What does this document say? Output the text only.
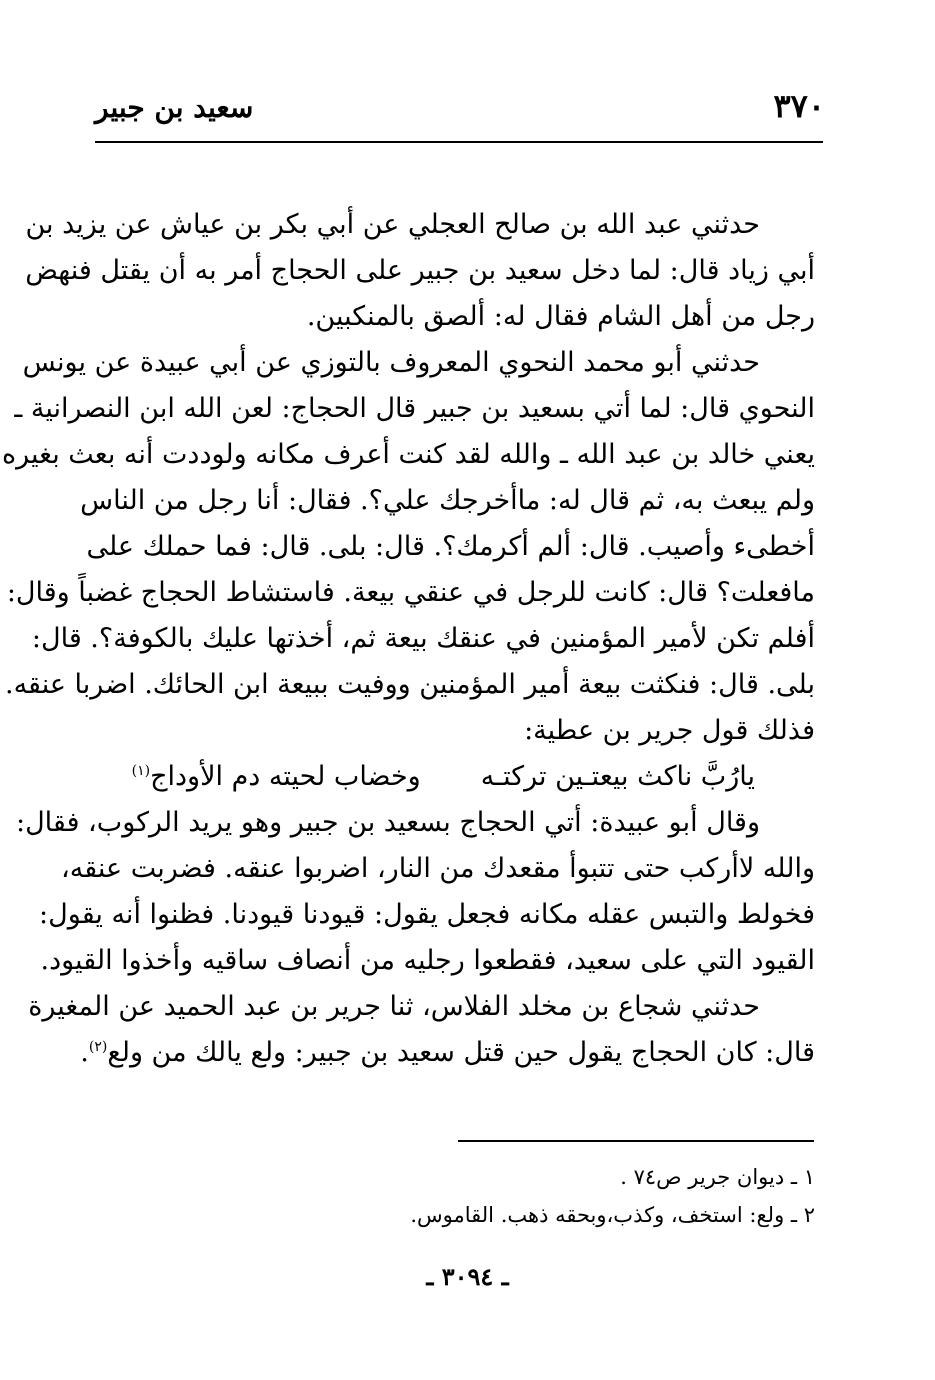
٣٧٠
سعيد بن جبير
حدثني عبد الله بن صالح العجلي عن أبي بكر بن عياش عن يزيد بن
أبي زياد قال: لما دخل سعيد بن جبير على الحجاج أمر به أن يقتل فنهض
رجل من أهل الشام فقال له: ألصق بالمنكبين.
حدثني أبو محمد النحوي المعروف بالتوزي عن أبي عبيدة عن يونس
النحوي قال: لما أتي بسعيد بن جبير قال الحجاج: لعن الله ابن النصرانية ـ
يعني خالد بن عبد الله ـ والله لقد كنت أعرف مكانه ولوددت أنه بعث بغيره
ولم يبعث به، ثم قال له: ماأخرجك علي؟. فقال: أنا رجل من الناس
أخطىء وأصيب. قال: ألم أكرمك؟. قال: بلى. قال: فما حملك على
مافعلت؟ قال: كانت للرجل في عنقي بيعة. فاستشاط الحجاج غضباً وقال:
أفلم تكن لأمير المؤمنين في عنقك بيعة ثم، أخذتها عليك بالكوفة؟. قال:
بلى. قال: فنكثت بيعة أمير المؤمنين ووفيت ببيعة ابن الحائك. اضربا عنقه.
فذلك قول جرير بن عطية:
يارُبَّ ناكث بيعتـين تركتـه
وخضاب لحيته دم الأوداج$^{(١)}$
وقال أبو عبيدة: أتي الحجاج بسعيد بن جبير وهو يريد الركوب، فقال:
والله لاأركب حتى تتبوأ مقعدك من النار، اضربوا عنقه. فضربت عنقه،
فخولط والتبس عقله مكانه فجعل يقول: قيودنا قيودنا. فظنوا أنه يقول:
القيود التي على سعيد، فقطعوا رجليه من أنصاف ساقيه وأخذوا القيود.
حدثني شجاع بن مخلد الفلاس، ثنا جرير بن عبد الحميد عن المغيرة
قال: كان الحجاج يقول حين قتل سعيد بن جبير: ولع يالك من ولع$^{(٢)}$.
١ ـ ديوان جرير ص٧٤ .
٢ ـ ولع: استخف، وكذب،وبحقه ذهب. القاموس.
ـ ٣٠٩٤ ـ
